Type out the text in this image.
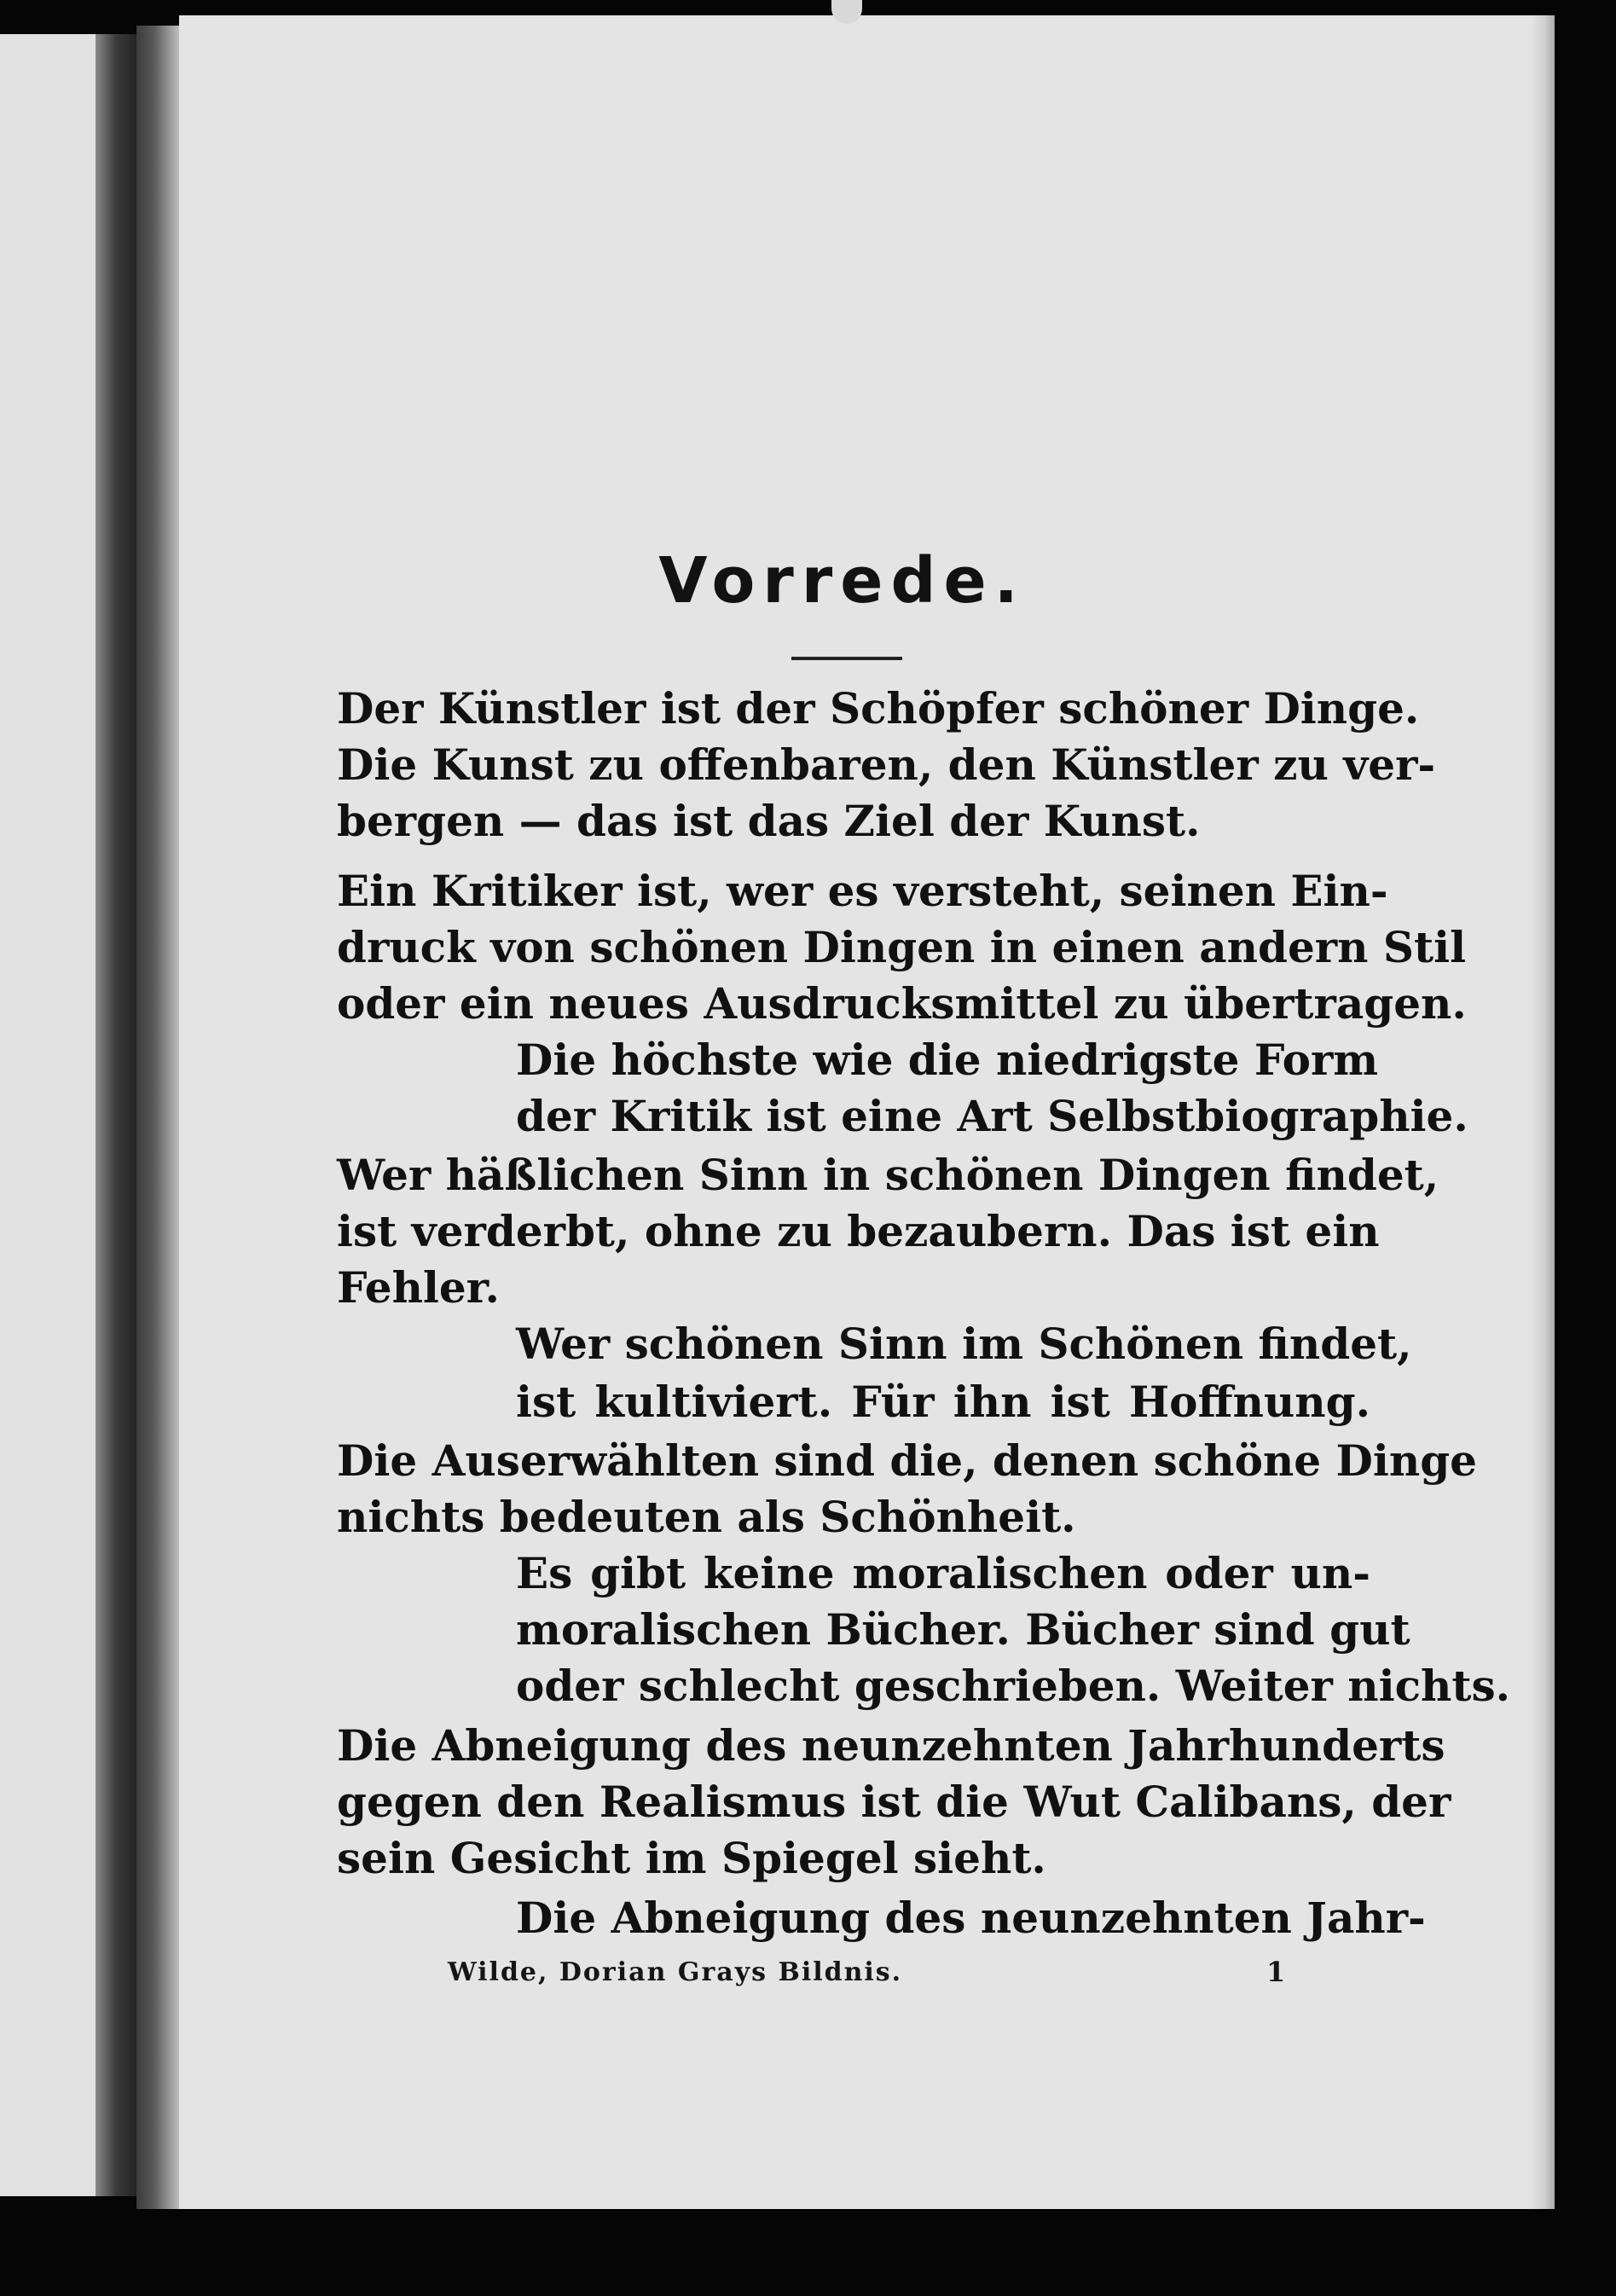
Vorrede.
Der Künstler ist der Schöpfer schöner Dinge.
Die Kunst zu offenbaren, den Künstler zu ver-
bergen — das ist das Ziel der Kunst.
Ein Kritiker ist, wer es versteht, seinen Ein-
druck von schönen Dingen in einen andern Stil
oder ein neues Ausdrucksmittel zu übertragen.
Die höchste wie die niedrigste Form
der Kritik ist eine Art Selbstbiographie.
Wer häßlichen Sinn in schönen Dingen findet,
ist verderbt, ohne zu bezaubern. Das ist ein
Fehler.
Wer schönen Sinn im Schönen findet,
ist kultiviert. Für ihn ist Hoffnung.
Die Auserwählten sind die, denen schöne Dinge
nichts bedeuten als Schönheit.
Es gibt keine moralischen oder un-
moralischen Bücher. Bücher sind gut
oder schlecht geschrieben. Weiter nichts.
Die Abneigung des neunzehnten Jahrhunderts
gegen den Realismus ist die Wut Calibans, der
sein Gesicht im Spiegel sieht.
Die Abneigung des neunzehnten Jahr-
Wilde, Dorian Grays Bildnis.	1
